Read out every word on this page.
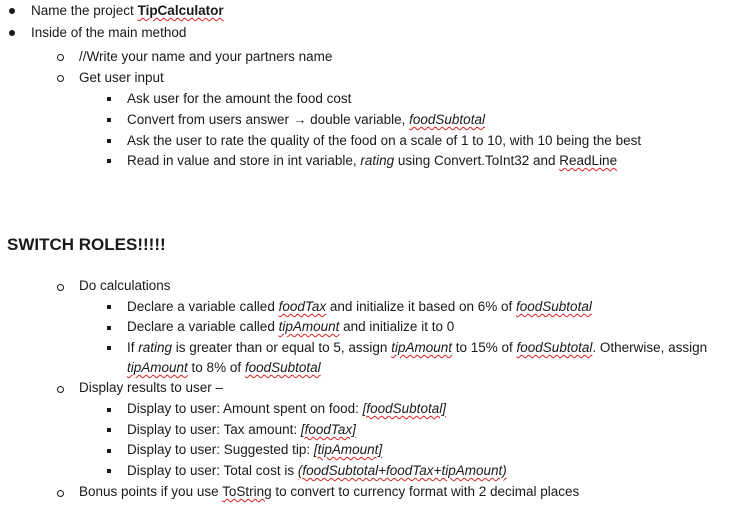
Name the project TipCalculator
Inside of the main method
//Write your name and your partners name
Get user input
Ask user for the amount the food cost
Convert from users answer → double variable, foodSubtotal
Ask the user to rate the quality of the food on a scale of 1 to 10, with 10 being the best
Read in value and store in int variable, rating using Convert.ToInt32 and ReadLine
SWITCH ROLES!!!!!
Do calculations
Declare a variable called foodTax and initialize it based on 6% of foodSubtotal
Declare a variable called tipAmount and initialize it to 0
If rating is greater than or equal to 5, assign tipAmount to 15% of foodSubtotal. Otherwise, assign
tipAmount to 8% of foodSubtotal
Display results to user –
Display to user: Amount spent on food: [foodSubtotal]
Display to user: Tax amount: [foodTax]
Display to user: Suggested tip: [tipAmount]
Display to user: Total cost is (foodSubtotal+foodTax+tipAmount)
Bonus points if you use ToString to convert to currency format with 2 decimal places
